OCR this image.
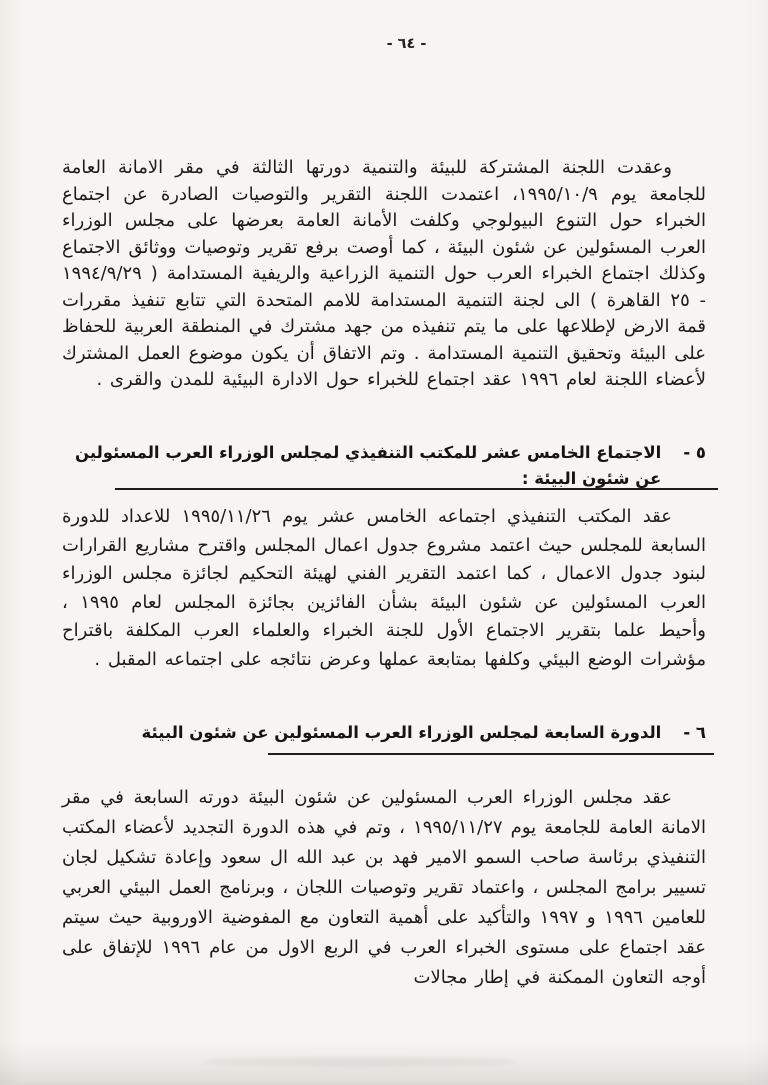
- ٦٤ -

وعقدت اللجنة المشتركة للبيئة والتنمية دورتها الثالثة في مقر الامانة العامة للجامعة يوم ١٩٩٥/١٠/٩، اعتمدت اللجنة التقرير والتوصيات الصادرة عن اجتماع الخبراء حول التنوع البيولوجي وكلفت الأمانة العامة بعرضها على مجلس الوزراء العرب المسئولين عن شئون البيئة ، كما أوصت برفع تقرير وتوصيات ووثائق الاجتماع وكذلك اجتماع الخبراء العرب حول التنمية الزراعية والريفية المستدامة ( ١٩٩٤/٩/٢٩ - ٢٥ القاهرة ) الى لجنة التنمية المستدامة للامم المتحدة التي تتابع تنفيذ مقررات قمة الارض لإطلاعها على ما يتم تنفيذه من جهد مشترك في المنطقة العربية للحفاظ على البيئة وتحقيق التنمية المستدامة . وتم الاتفاق أن يكون موضوع العمل المشترك لأعضاء اللجنة لعام ١٩٩٦ عقد اجتماع للخبراء حول الادارة البيئية للمدن والقرى .

٥ -
الاجتماع الخامس عشر للمكتب التنفيذي لمجلس الوزراء العرب المسئولين عن شئون البيئة :

عقد المكتب التنفيذي اجتماعه الخامس عشر يوم ١٩٩٥/١١/٢٦ للاعداد للدورة السابعة للمجلس حيث اعتمد مشروع جدول اعمال المجلس واقترح مشاريع القرارات لبنود جدول الاعمال ، كما اعتمد التقرير الفني لهيئة التحكيم لجائزة مجلس الوزراء العرب المسئولين عن شئون البيئة بشأن الفائزين بجائزة المجلس لعام ١٩٩٥ ، وأحيط علما بتقرير الاجتماع الأول للجنة الخبراء والعلماء العرب المكلفة باقتراح مؤشرات الوضع البيئي وكلفها بمتابعة عملها وعرض نتائجه على اجتماعه المقبل .

٦ -
الدورة السابعة لمجلس الوزراء العرب المسئولين عن شئون البيئة

عقد مجلس الوزراء العرب المسئولين عن شئون البيئة دورته السابعة في مقر الامانة العامة للجامعة يوم ١٩٩٥/١١/٢٧ ، وتم في هذه الدورة التجديد لأعضاء المكتب التنفيذي برئاسة صاحب السمو الامير فهد بن عبد الله ال سعود وإعادة تشكيل لجان تسيير برامج المجلس ، واعتماد تقرير وتوصيات اللجان ، وبرنامج العمل البيئي العربي للعامين ١٩٩٦ و ١٩٩٧ والتأكيد على أهمية التعاون مع المفوضية الاوروبية حيث سيتم عقد اجتماع على مستوى الخبراء العرب في الربع الاول من عام ١٩٩٦ للإتفاق على أوجه التعاون الممكنة في إطار مجالات
